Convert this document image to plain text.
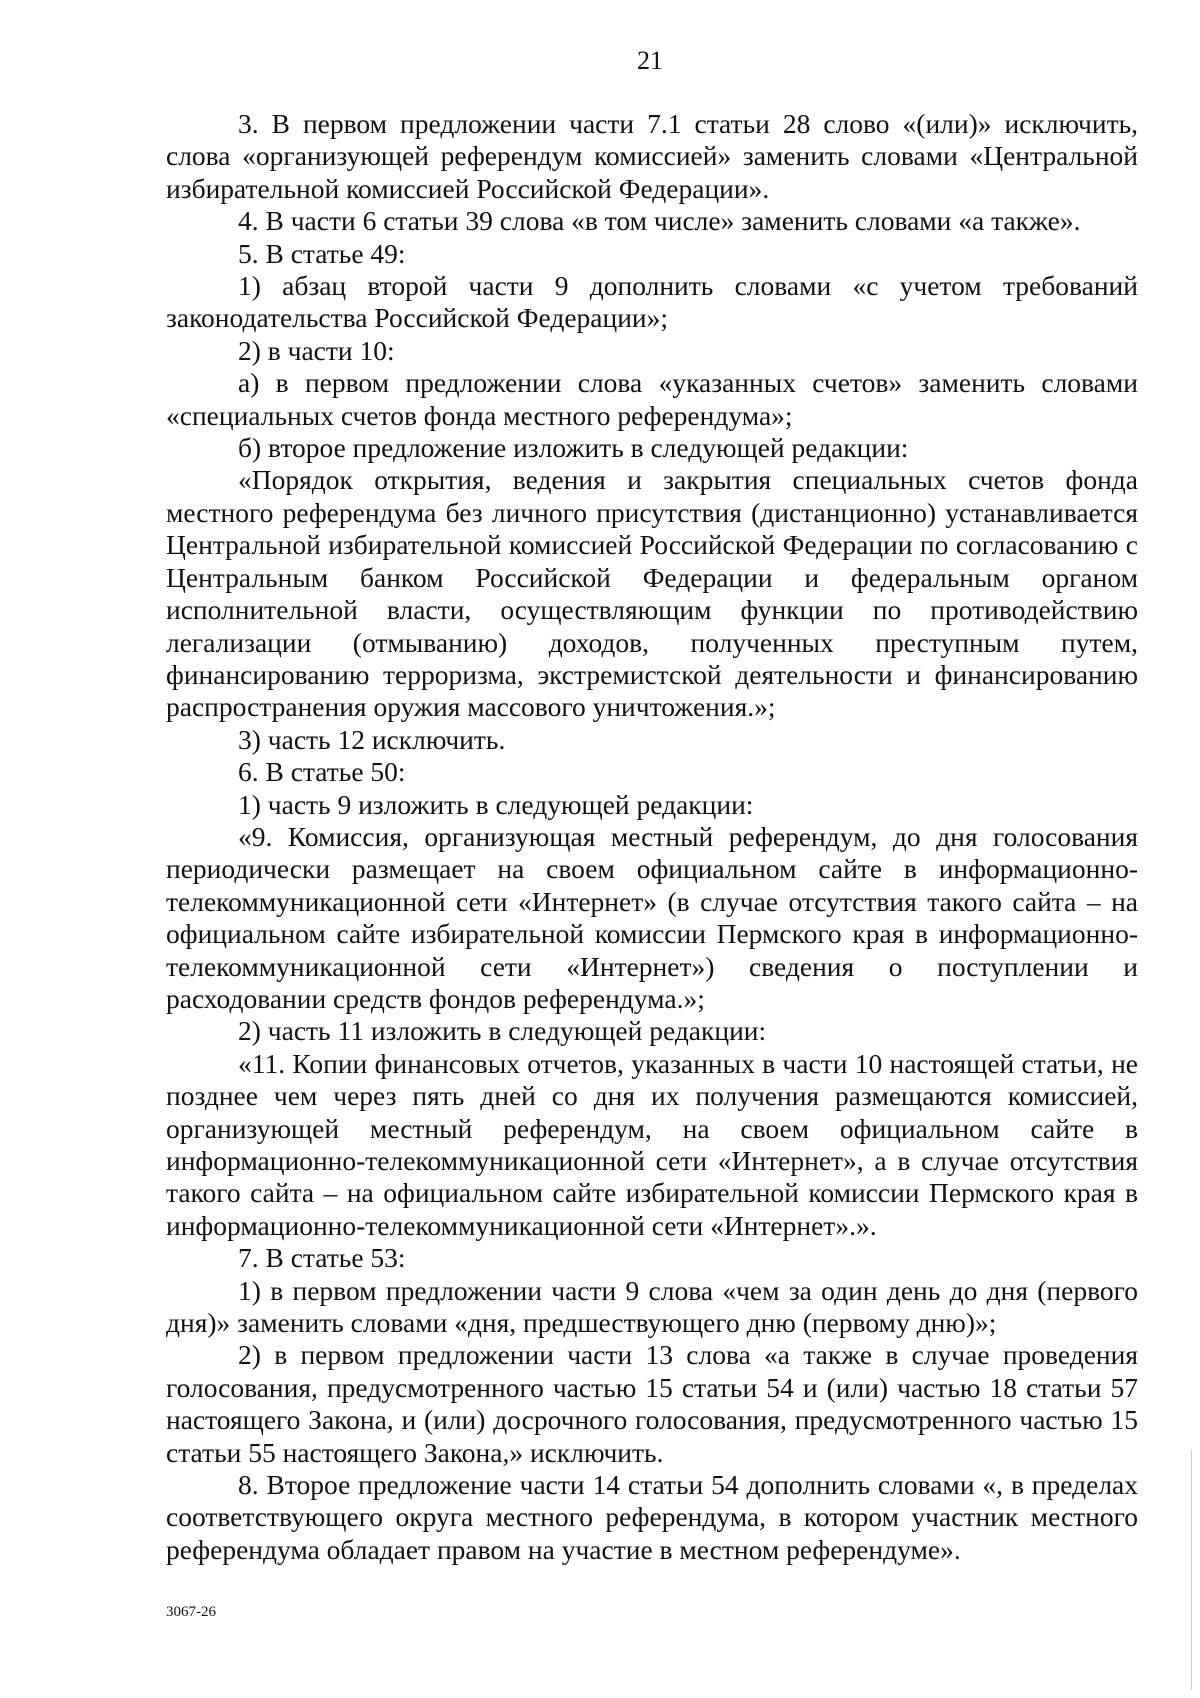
21

3. В первом предложении части 7.1 статьи 28 слово «(или)» исключить, слова «организующей референдум комиссией» заменить словами «Центральной избирательной комиссией Российской Федерации».

4. В части 6 статьи 39 слова «в том числе» заменить словами «а также».

5. В статье 49:

1) абзац второй части 9 дополнить словами «с учетом требований законодательства Российской Федерации»;

2) в части 10:

а) в первом предложении слова «указанных счетов» заменить словами «специальных счетов фонда местного референдума»;

б) второе предложение изложить в следующей редакции:

«Порядок открытия, ведения и закрытия специальных счетов фонда местного референдума без личного присутствия (дистанционно) устанавливается Центральной избирательной комиссией Российской Федерации по согласованию с Центральным банком Российской Федерации и федеральным органом исполнительной власти, осуществляющим функции по противодействию легализации (отмыванию) доходов, полученных преступным путем, финансированию терроризма, экстремистской деятельности и финансированию распространения оружия массового уничтожения.»;

3) часть 12 исключить.

6. В статье 50:

1) часть 9 изложить в следующей редакции:

«9. Комиссия, организующая местный референдум, до дня голосования периодически размещает на своем официальном сайте в информационно-телекоммуникационной сети «Интернет» (в случае отсутствия такого сайта – на официальном сайте избирательной комиссии Пермского края в информационно-телекоммуникационной сети «Интернет») сведения о поступлении и расходовании средств фондов референдума.»;

2) часть 11 изложить в следующей редакции:

«11. Копии финансовых отчетов, указанных в части 10 настоящей статьи, не позднее чем через пять дней со дня их получения размещаются комиссией, организующей местный референдум, на своем официальном сайте в информационно-телекоммуникационной сети «Интернет», а в случае отсутствия такого сайта – на официальном сайте избирательной комиссии Пермского края в информационно-телекоммуникационной сети «Интернет».».

7. В статье 53:

1) в первом предложении части 9 слова «чем за один день до дня (первого дня)» заменить словами «дня, предшествующего дню (первому дню)»;

2) в первом предложении части 13 слова «а также в случае проведения голосования, предусмотренного частью 15 статьи 54 и (или) частью 18 статьи 57 настоящего Закона, и (или) досрочного голосования, предусмотренного частью 15 статьи 55 настоящего Закона,» исключить.

8. Второе предложение части 14 статьи 54 дополнить словами «, в пределах соответствующего округа местного референдума, в котором участник местного референдума обладает правом на участие в местном референдуме».

3067-26
